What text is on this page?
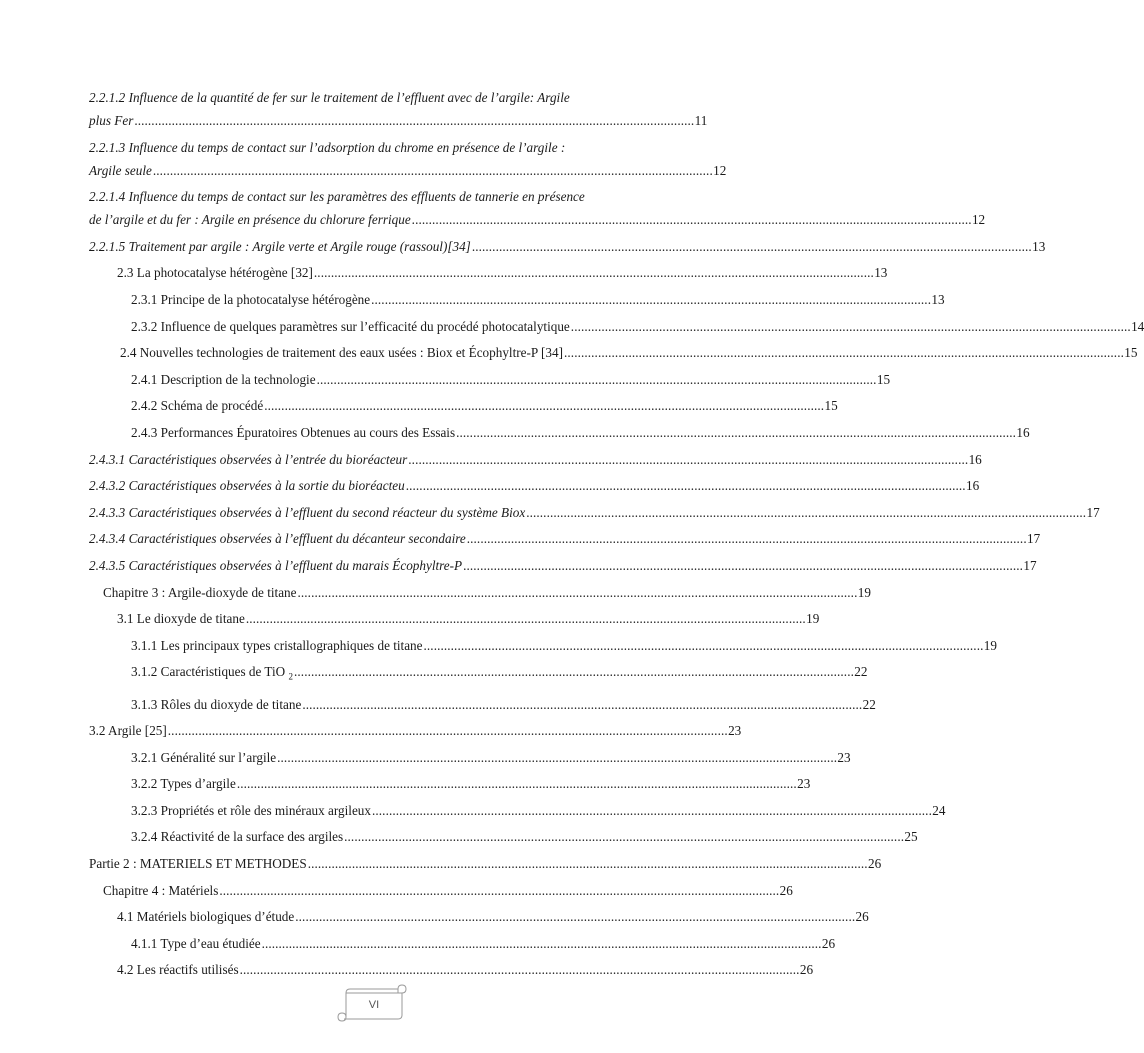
2.2.1.2 Influence de la quantité de fer sur le traitement de l’effluent avec de l’argile: Argile
plus Fer . . .	11
2.2.1.3 Influence du temps de contact sur l’adsorption du chrome en présence de l’argile :
Argile seule . . .	12
2.2.1.4 Influence du temps de contact sur les paramètres des effluents de tannerie en présence
de l’argile et du fer : Argile en présence du chlorure ferrique . . .	12
2.2.1.5 Traitement par argile : Argile verte et Argile rouge (rassoul)[34] . . .	13
2.3 La photocatalyse hétérogène [32] . . .	13
2.3.1 Principe de la photocatalyse hétérogène . . .	13
2.3.2 Influence de quelques paramètres sur l’efficacité du procédé photocatalytique . . .	14
2.4 Nouvelles technologies de traitement des eaux usées : Biox et Écophyltre-P [34] . . .	15
2.4.1 Description de la technologie . . .	15
2.4.2 Schéma de procédé . . .	15
2.4.3 Performances Épuratoires Obtenues au cours des Essais . . .	16
2.4.3.1 Caractéristiques observées à l’entrée du bioréacteur . . .	16
2.4.3.2 Caractéristiques observées à la sortie du bioréacteu . . .	16
2.4.3.3 Caractéristiques observées à l’effluent du second réacteur du système Biox . . .	17
2.4.3.4 Caractéristiques observées à l’effluent du décanteur secondaire . . .	17
2.4.3.5 Caractéristiques observées à l’effluent du marais Écophyltre-P . . .	17
Chapitre 3 : Argile-dioxyde de titane . . .	19
3.1 Le dioxyde de titane . . .	19
3.1.1 Les principaux types cristallographiques de titane . . .	19
3.1.2 Caractéristiques de TiO $_2$ . . .	22
3.1.3 Rôles du dioxyde de titane . . .	22
3.2 Argile [25] . . .	23
3.2.1 Généralité sur l’argile . . .	23
3.2.2 Types d’argile . . .	23
3.2.3 Propriétés et rôle des minéraux argileux . . .	24
3.2.4 Réactivité de la surface des argiles . . .	25
Partie 2 : MATERIELS ET METHODES . . .	26
Chapitre 4 : Matériels . . .	26
4.1 Matériels biologiques d’étude . . .	26
4.1.1 Type d’eau étudiée . . .	26
4.2 Les réactifs utilisés . . .	26
VI
